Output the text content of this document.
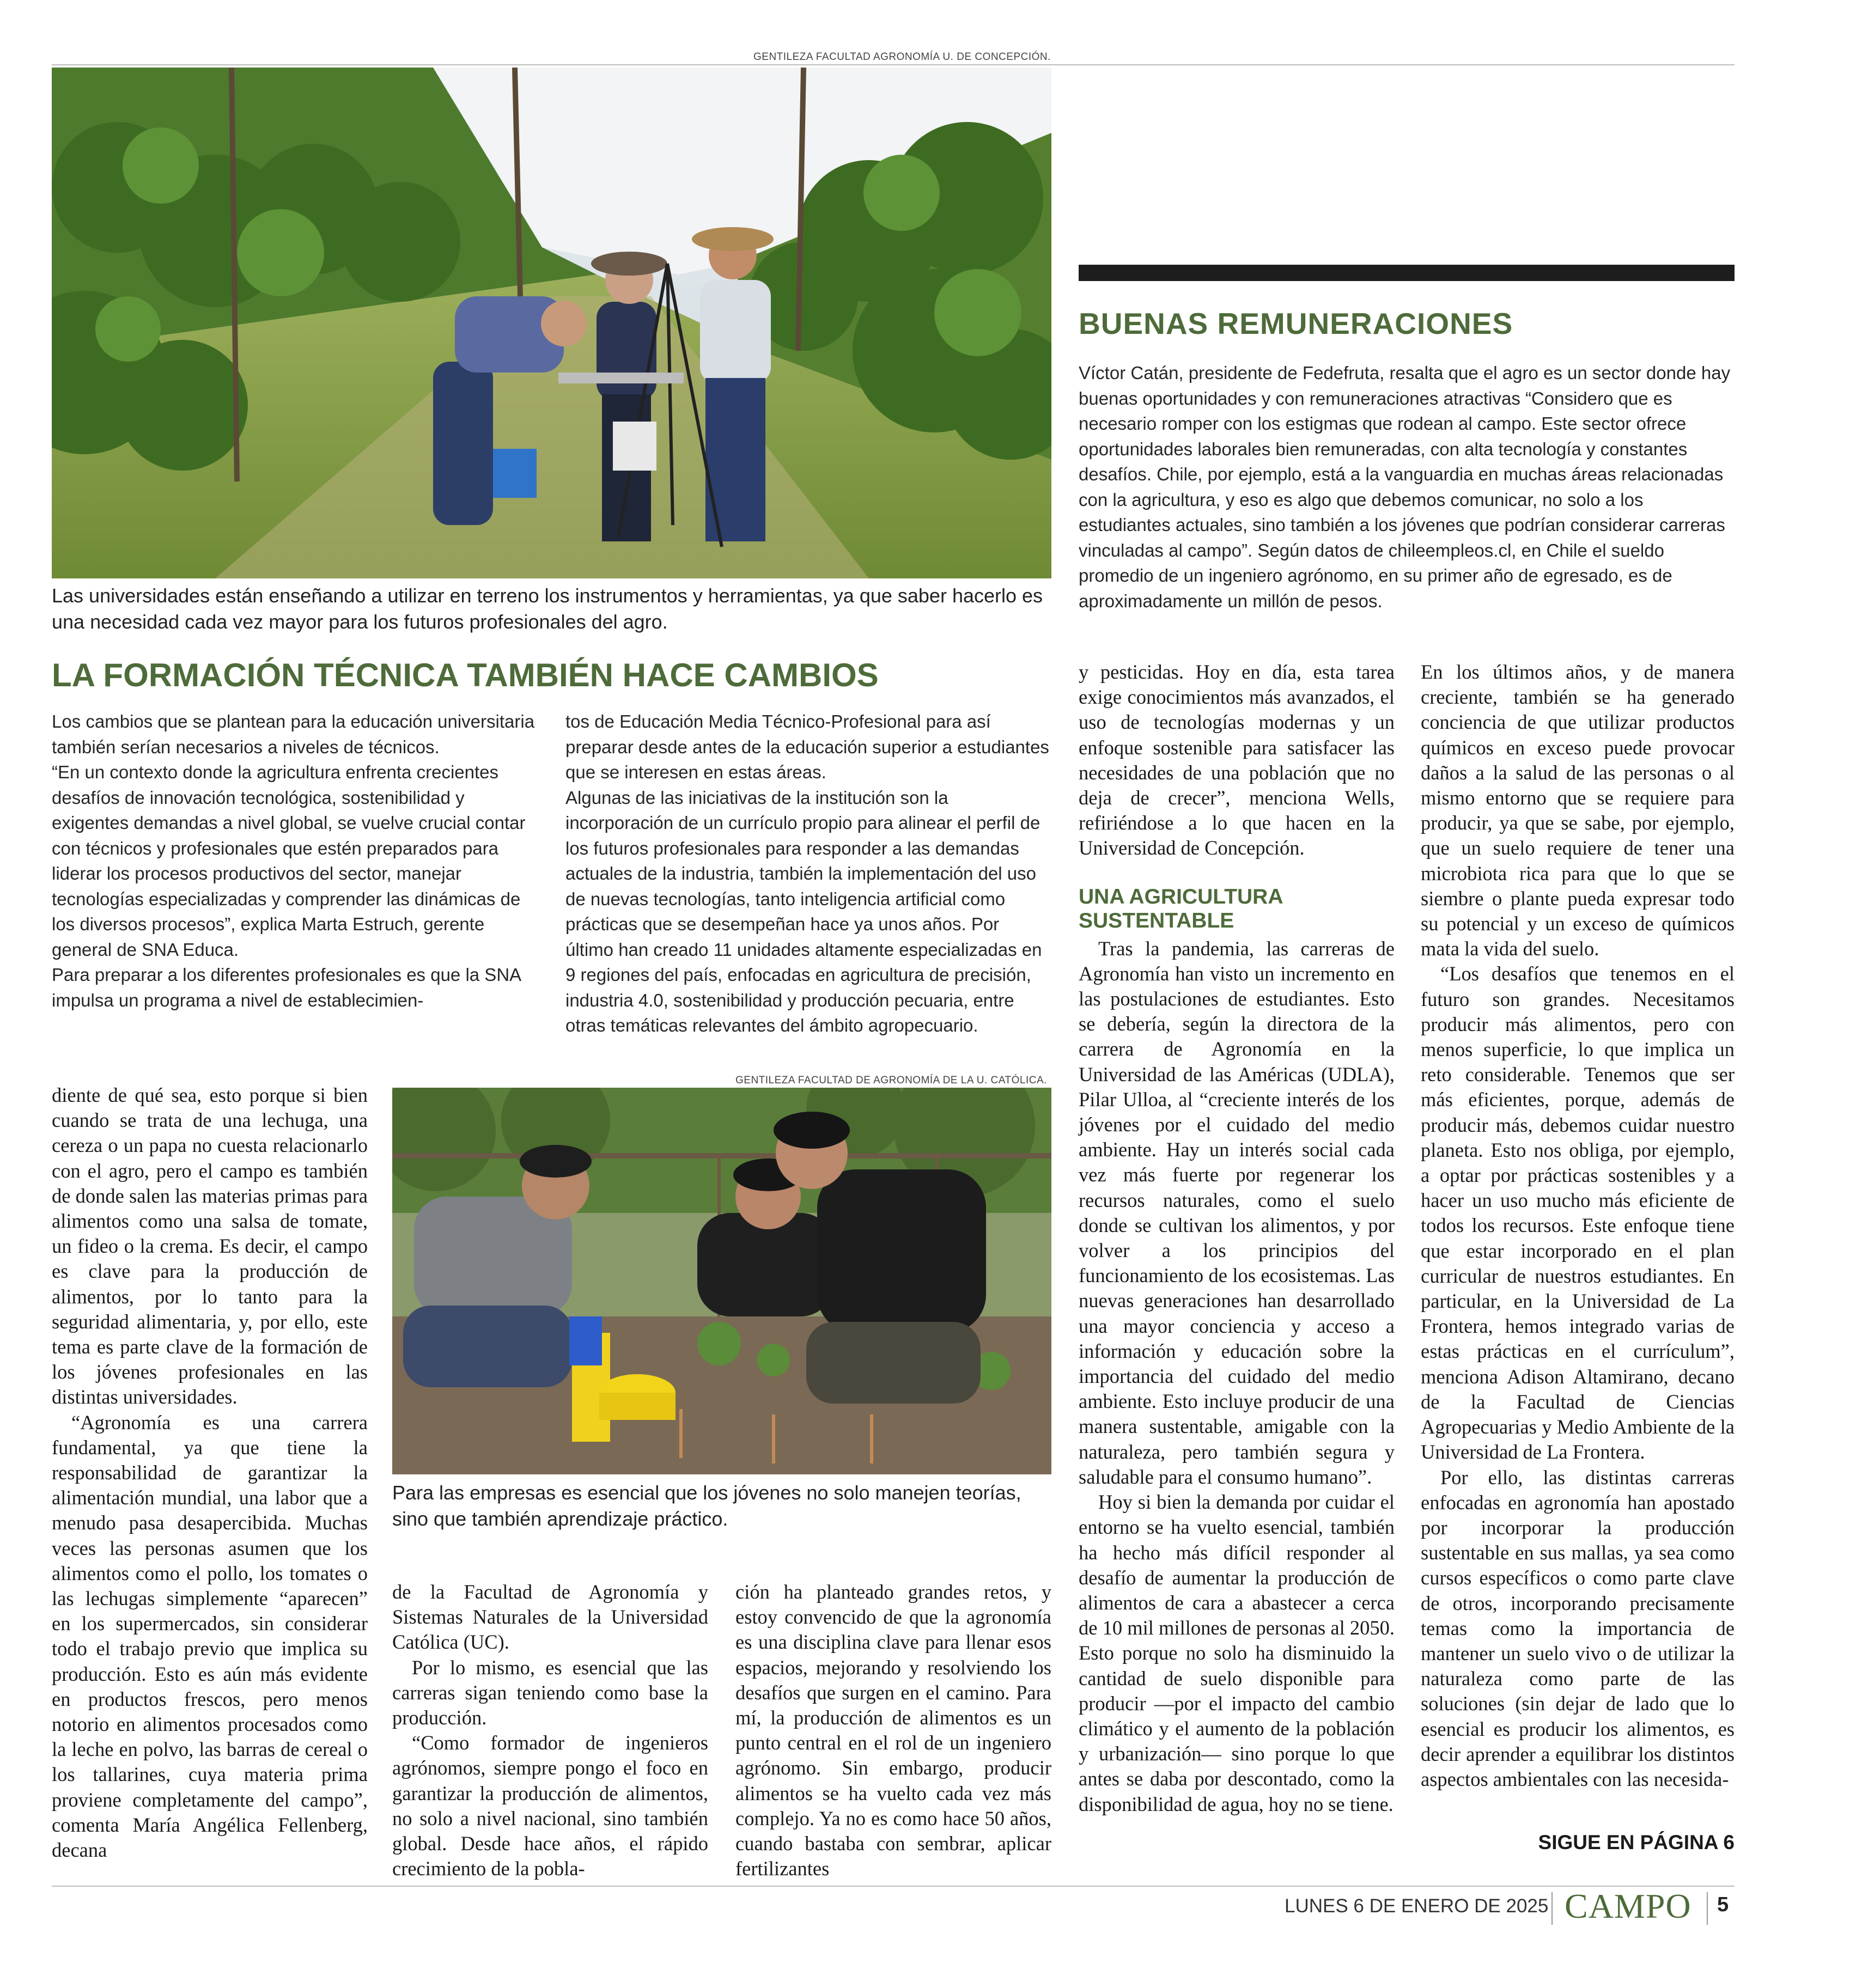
GENTILEZA FACULTAD AGRONOMÍA U. DE CONCEPCIÓN.
Las universidades están enseñando a utilizar en terreno los instrumentos y herramientas, ya que saber hacerlo es una necesidad cada vez mayor para los futuros profesionales del agro.
BUENAS REMUNERACIONES
Víctor Catán, presidente de Fedefruta, resalta que el agro es un sector donde hay buenas oportunidades y con remuneraciones atractivas “Considero que es necesario romper con los estigmas que rodean al campo. Este sector ofrece oportunidades laborales bien remuneradas, con alta tecnología y constantes desafíos. Chile, por ejemplo, está a la vanguardia en muchas áreas relacionadas con la agricultura, y eso es algo que debemos comunicar, no solo a los estudiantes actuales, sino también a los jóvenes que podrían considerar carreras vinculadas al campo”. Según datos de chileempleos.cl, en Chile el sueldo promedio de un ingeniero agrónomo, en su primer año de egresado, es de aproximadamente un millón de pesos.
LA FORMACIÓN TÉCNICA TAMBIÉN HACE CAMBIOS

Los cambios que se plantean para la educación universitaria también serían necesarios a niveles de técnicos.

“En un contexto donde la agricultura enfrenta crecientes desafíos de innovación tecnológica, sostenibilidad y exigentes demandas a nivel global, se vuelve crucial contar con técnicos y profesionales que estén preparados para liderar los procesos productivos del sector, manejar tecnologías especializadas y comprender las dinámicas de los diversos procesos”, explica Marta Estruch, gerente general de SNA Educa.

Para preparar a los diferentes profesionales es que la SNA impulsa un programa a nivel de establecimien-

tos de Educación Media Técnico-Profesional para así preparar desde antes de la educación superior a estudiantes que se interesen en estas áreas.

Algunas de las iniciativas de la institución son la incorporación de un currículo propio para alinear el perfil de los futuros profesionales para responder a las demandas actuales de la industria, también la implementación del uso de nuevas tecnologías, tanto inteligencia artificial como prácticas que se desempeñan hace ya unos años. Por último han creado 11 unidades altamente especializadas en 9 regiones del país, enfocadas en agricultura de precisión, industria 4.0, sostenibilidad y producción pecuaria, entre otras temáticas relevantes del ámbito agropecuario.

GENTILEZA FACULTAD DE AGRONOMÍA DE LA U. CATÓLICA.
Para las empresas es esencial que los jóvenes no solo manejen teorías, sino que también aprendizaje práctico.

diente de qué sea, esto porque si bien cuando se trata de una lechuga, una cereza o un papa no cuesta relacionarlo con el agro, pero el campo es también de donde salen las materias primas para alimentos como una salsa de tomate, un fideo o la crema. Es decir, el campo es clave para la producción de alimentos, por lo tanto para la seguridad alimentaria, y, por ello, este tema es parte clave de la formación de los jóvenes profesionales en las distintas universidades.

“Agronomía es una carrera fundamental, ya que tiene la responsabilidad de garantizar la alimentación mundial, una labor que a menudo pasa desapercibida. Muchas veces las personas asumen que los alimentos como el pollo, los tomates o las lechugas simplemente “aparecen” en los supermercados, sin considerar todo el trabajo previo que implica su producción. Esto es aún más evidente en productos frescos, pero menos notorio en alimentos procesados como la leche en polvo, las barras de cereal o los tallarines, cuya materia prima proviene completamente del campo”, comenta María Angélica Fellenberg, decana

de la Facultad de Agronomía y Sistemas Naturales de la Universidad Católica (UC).

Por lo mismo, es esencial que las carreras sigan teniendo como base la producción.

“Como formador de ingenieros agrónomos, siempre pongo el foco en garantizar la producción de alimentos, no solo a nivel nacional, sino también global. Desde hace años, el rápido crecimiento de la pobla-

ción ha planteado grandes retos, y estoy convencido de que la agronomía es una disciplina clave para llenar esos espacios, mejorando y resolviendo los desafíos que surgen en el camino. Para mí, la producción de alimentos es un punto central en el rol de un ingeniero agrónomo. Sin embargo, producir alimentos se ha vuelto cada vez más complejo. Ya no es como hace 50 años, cuando bastaba con sembrar, aplicar fertilizantes

y pesticidas. Hoy en día, esta tarea exige conocimientos más avanzados, el uso de tecnologías modernas y un enfoque sostenible para satisfacer las necesidades de una población que no deja de crecer”, menciona Wells, refiriéndose a lo que hacen en la Universidad de Concepción.

UNA AGRICULTURA SUSTENTABLE

Tras la pandemia, las carreras de Agronomía han visto un incremento en las postulaciones de estudiantes. Esto se debería, según la directora de la carrera de Agronomía en la Universidad de las Américas (UDLA), Pilar Ulloa, al “creciente interés de los jóvenes por el cuidado del medio ambiente. Hay un interés social cada vez más fuerte por regenerar los recursos naturales, como el suelo donde se cultivan los alimentos, y por volver a los principios del funcionamiento de los ecosistemas. Las nuevas generaciones han desarrollado una mayor conciencia y acceso a información y educación sobre la importancia del cuidado del medio ambiente. Esto incluye producir de una manera sustentable, amigable con la naturaleza, pero también segura y saludable para el consumo humano”.

Hoy si bien la demanda por cuidar el entorno se ha vuelto esencial, también ha hecho más difícil responder al desafío de aumentar la producción de alimentos de cara a abastecer a cerca de 10 mil millones de personas al 2050. Esto porque no solo ha disminuido la cantidad de suelo disponible para producir —por el impacto del cambio climático y el aumento de la población y urbanización— sino porque lo que antes se daba por descontado, como la disponibilidad de agua, hoy no se tiene.

En los últimos años, y de manera creciente, también se ha generado conciencia de que utilizar productos químicos en exceso puede provocar daños a la salud de las personas o al mismo entorno que se requiere para producir, ya que se sabe, por ejemplo, que un suelo requiere de tener una microbiota rica para que lo que se siembre o plante pueda expresar todo su potencial y un exceso de químicos mata la vida del suelo.

“Los desafíos que tenemos en el futuro son grandes. Necesitamos producir más alimentos, pero con menos superficie, lo que implica un reto considerable. Tenemos que ser más eficientes, porque, además de producir más, debemos cuidar nuestro planeta. Esto nos obliga, por ejemplo, a optar por prácticas sostenibles y a hacer un uso mucho más eficiente de todos los recursos. Este enfoque tiene que estar incorporado en el plan curricular de nuestros estudiantes. En particular, en la Universidad de La Frontera, hemos integrado varias de estas prácticas en el currículum”, menciona Adison Altamirano, decano de la Facultad de Ciencias Agropecuarias y Medio Ambiente de la Universidad de La Frontera.

Por ello, las distintas carreras enfocadas en agronomía han apostado por incorporar la producción sustentable en sus mallas, ya sea como cursos específicos o como parte clave de otros, incorporando precisamente temas como la importancia de mantener un suelo vivo o de utilizar la naturaleza como parte de las soluciones (sin dejar de lado que lo esencial es producir los alimentos, es decir aprender a equilibrar los distintos aspectos ambientales con las necesida-

SIGUE EN PÁGINA 6
LUNES 6 DE ENERO DE 2025 CAMPO 5
